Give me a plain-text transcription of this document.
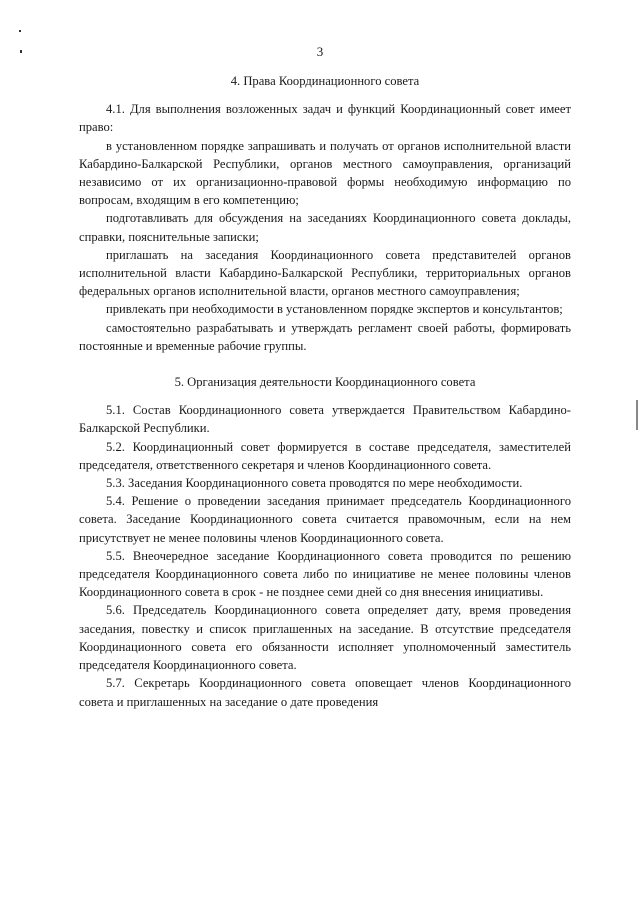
3
4. Права Координационного совета

4.1. Для выполнения возложенных задач и функций Координационный совет имеет право:

в установленном порядке запрашивать и получать от органов исполнительной власти Кабардино-Балкарской Республики, органов местного самоуправления, организаций независимо от их организационно-правовой формы необходимую информацию по вопросам, входящим в его компетенцию;

подготавливать для обсуждения на заседаниях Координационного совета доклады, справки, пояснительные записки;

приглашать на заседания Координационного совета представителей органов исполнительной власти Кабардино-Балкарской Республики, территориальных органов федеральных органов исполнительной власти, органов местного самоуправления;

привлекать при необходимости в установленном порядке экспертов и консультантов;

самостоятельно разрабатывать и утверждать регламент своей работы, формировать постоянные и временные рабочие группы.

5. Организация деятельности Координационного совета

5.1. Состав Координационного совета утверждается Правительством Кабардино-Балкарской Республики.

5.2. Координационный совет формируется в составе председателя, заместителей председателя, ответственного секретаря и членов Координационного совета.

5.3. Заседания Координационного совета проводятся по мере необходимости.

5.4. Решение о проведении заседания принимает председатель Координационного совета. Заседание Координационного совета считается правомочным, если на нем присутствует не менее половины членов Координационного совета.

5.5. Внеочередное заседание Координационного совета проводится по решению председателя Координационного совета либо по инициативе не менее половины членов Координационного совета в срок - не позднее семи дней со дня внесения инициативы.

5.6. Председатель Координационного совета определяет дату, время проведения заседания, повестку и список приглашенных на заседание. В отсутствие председателя Координационного совета его обязанности исполняет уполномоченный заместитель председателя Координационного совета.

5.7. Секретарь Координационного совета оповещает членов Координационного совета и приглашенных на заседание о дате проведения
